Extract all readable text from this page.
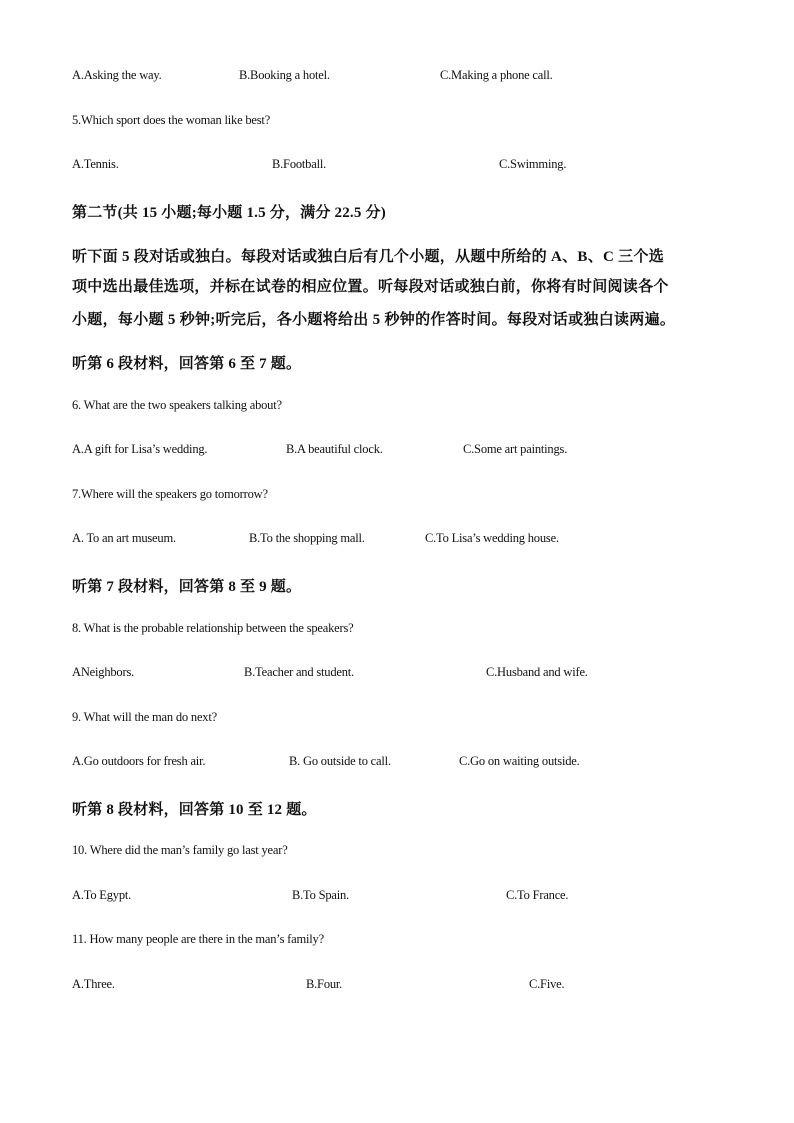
A.Asking the way.	B.Booking a hotel.	C.Making a phone call.
5.Which sport does the woman like best?
A.Tennis.	B.Football.	C.Swimming.
第二节(共 15 小题;每小题 1.5 分，满分 22.5 分)
听下面 5 段对话或独白。每段对话或独白后有几个小题，从题中所给的 A、B、C 三个选
项中选出最佳选项，并标在试卷的相应位置。听每段对话或独白前，你将有时间阅读各个
小题，每小题 5 秒钟;听完后，各小题将给出 5 秒钟的作答时间。每段对话或独白读两遍。
听第 6 段材料，回答第 6 至 7 题。
6. What are the two speakers talking about?
A.A gift for Lisa’s wedding.	B.A beautiful clock.	C.Some art paintings.
7.Where will the speakers go tomorrow?
A. To an art museum.	B.To the shopping mall.	C.To Lisa’s wedding house.
听第 7 段材料，回答第 8 至 9 题。
8. What is the probable relationship between the speakers?
ANeighbors.	B.Teacher and student.	C.Husband and wife.
9. What will the man do next?
A.Go outdoors for fresh air.	B. Go outside to call.	C.Go on waiting outside.
听第 8 段材料，回答第 10 至 12 题。
10. Where did the man’s family go last year?
A.To Egypt.	B.To Spain.	C.To France.
11. How many people are there in the man’s family?
A.Three.	B.Four.	C.Five.
